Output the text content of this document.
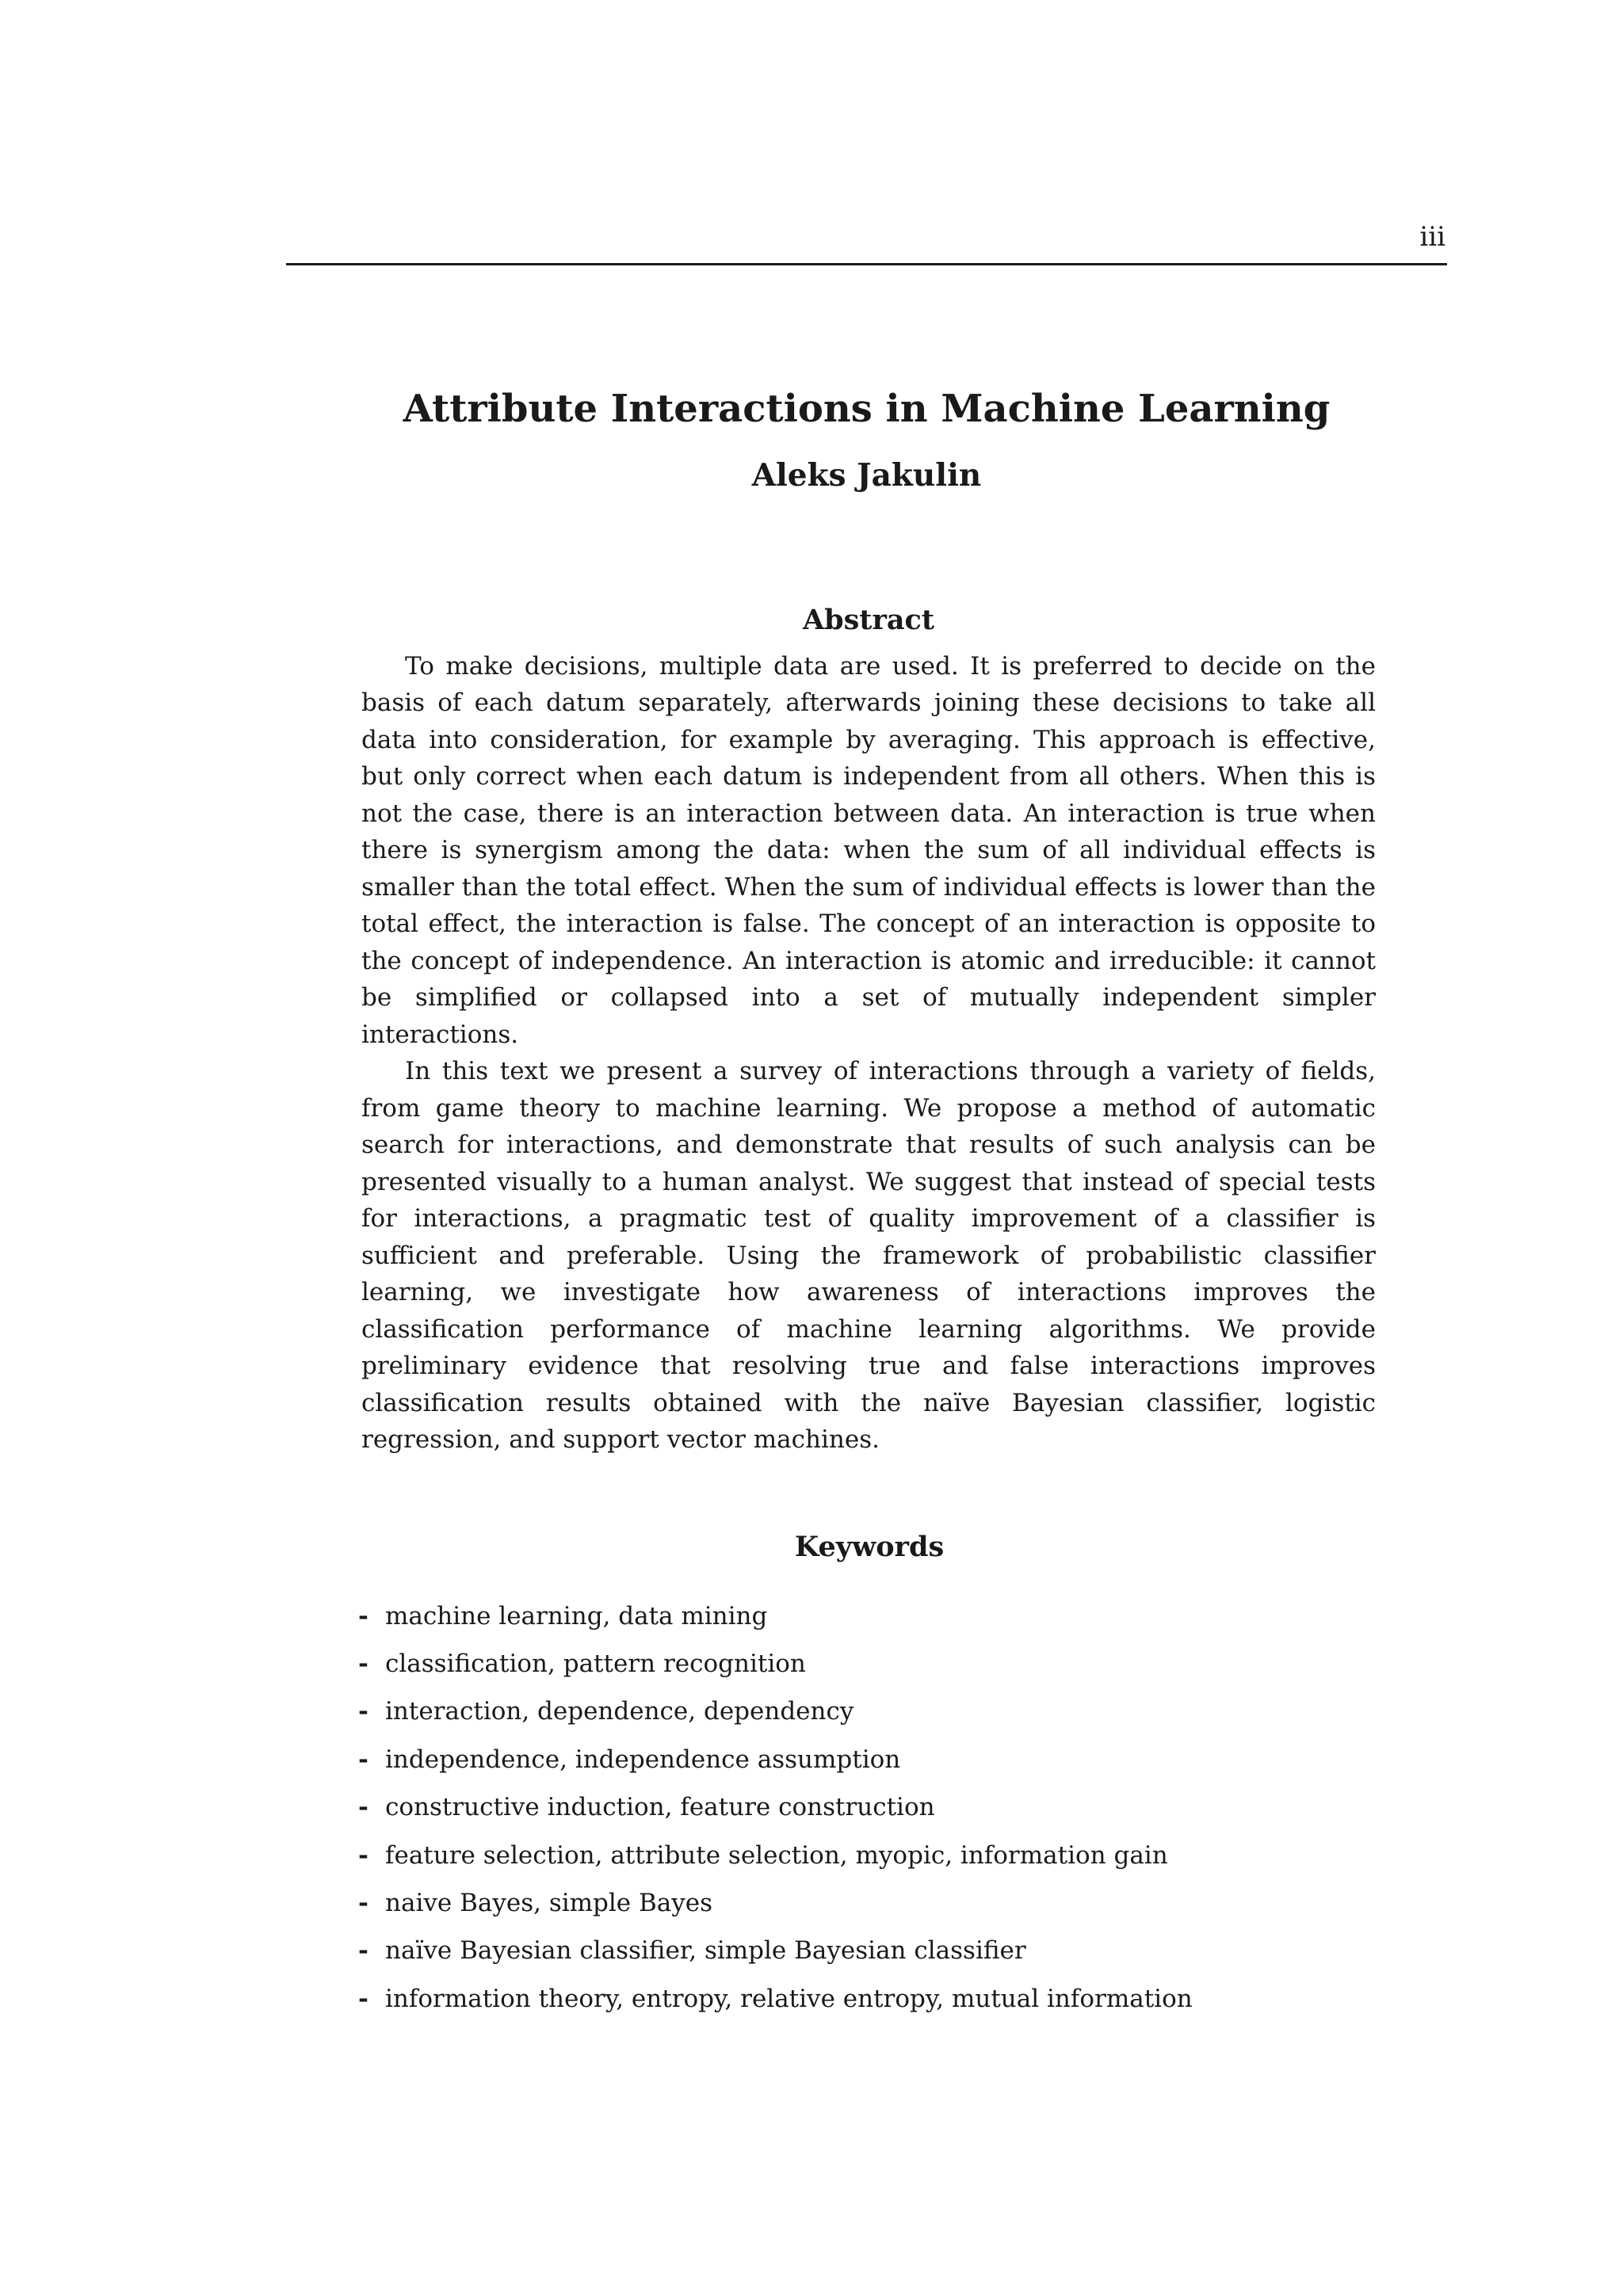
iii
Attribute Interactions in Machine Learning
Aleks Jakulin
Abstract

To make decisions, multiple data are used. It is preferred to decide on the basis of each datum separately, afterwards joining these decisions to take all data into consideration, for example by averaging. This approach is effective, but only correct when each datum is independent from all others. When this is not the case, there is an interaction between data. An interaction is true when there is synergism among the data: when the sum of all individual effects is smaller than the total effect. When the sum of individual effects is lower than the total effect, the interaction is false. The concept of an interaction is opposite to the concept of independence. An interaction is atomic and irreducible: it cannot be simplified or collapsed into a set of mutually independent simpler interactions.

In this text we present a survey of interactions through a variety of fields, from game theory to machine learning. We propose a method of automatic search for interactions, and demonstrate that results of such analysis can be presented visually to a human analyst. We suggest that instead of special tests for interactions, a pragmatic test of quality improvement of a classifier is sufficient and preferable. Using the framework of probabilistic classifier learning, we investigate how awareness of interactions improves the classification performance of machine learning algorithms. We provide preliminary evidence that resolving true and false interactions improves classification results obtained with the naïve Bayesian classifier, logistic regression, and support vector machines.

Keywords
- machine learning, data mining
- classification, pattern recognition
- interaction, dependence, dependency
- independence, independence assumption
- constructive induction, feature construction
- feature selection, attribute selection, myopic, information gain
- naive Bayes, simple Bayes
- naïve Bayesian classifier, simple Bayesian classifier
- information theory, entropy, relative entropy, mutual information
